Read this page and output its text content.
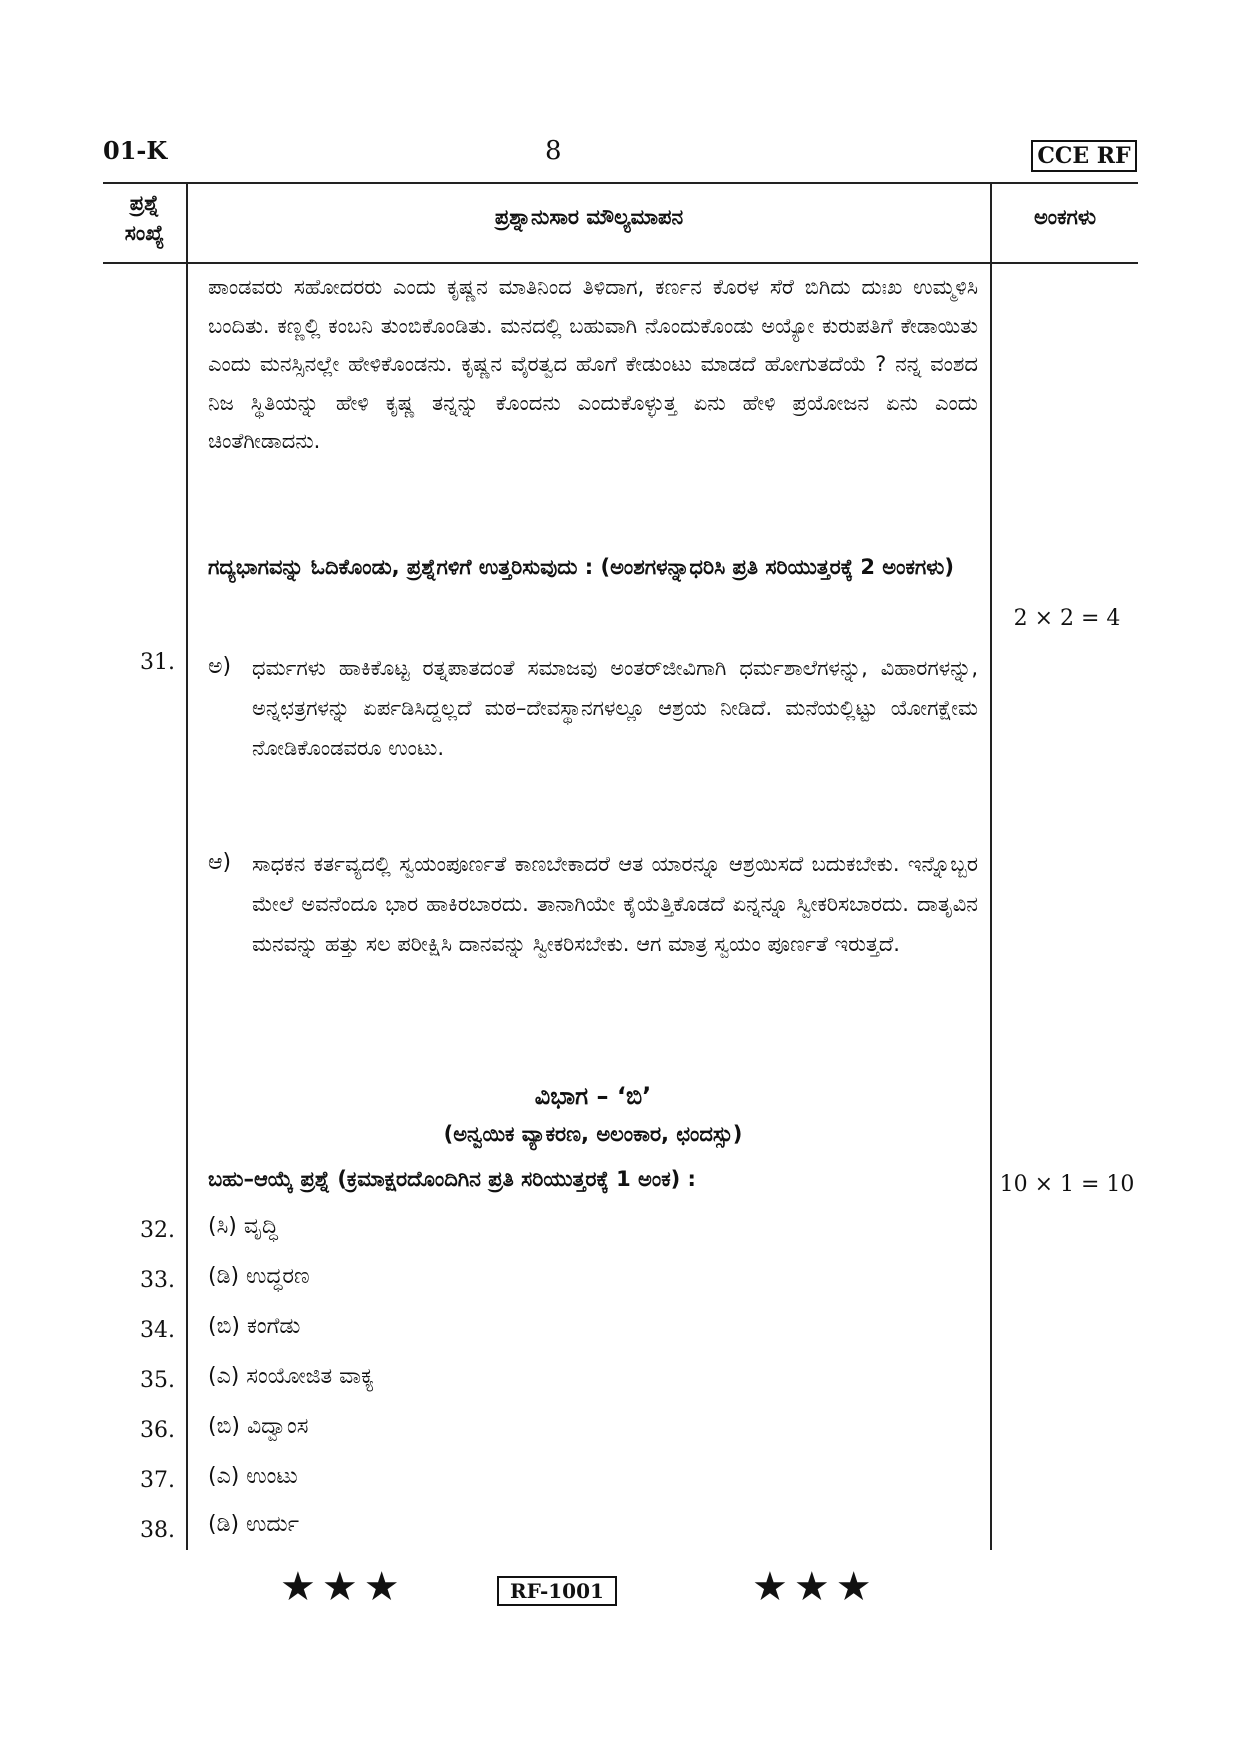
01-K	8	CCE RF
ಪ್ರಶ್ನೆ
ಸಂಖ್ಯೆ
ಪ್ರಶ್ನಾನುಸಾರ ಮೌಲ್ಯಮಾಪನ	ಅಂಕಗಳು
ಪಾಂಡವರು ಸಹೋದರರು ಎಂದು ಕೃಷ್ಣನ ಮಾತಿನಿಂದ ತಿಳಿದಾಗ, ಕರ್ಣನ ಕೊರಳ ಸೆರೆ ಬಿಗಿದು ದುಃಖ ಉಮ್ಮಳಿಸಿ ಬಂದಿತು. ಕಣ್ಣಲ್ಲಿ ಕಂಬನಿ ತುಂಬಿಕೊಂಡಿತು. ಮನದಲ್ಲಿ ಬಹುವಾಗಿ ನೊಂದುಕೊಂಡು ಅಯ್ಯೋ ಕುರುಪತಿಗೆ ಕೇಡಾಯಿತು ಎಂದು ಮನಸ್ಸಿನಲ್ಲೇ ಹೇಳಿಕೊಂಡನು. ಕೃಷ್ಣನ ವೈರತ್ವದ ಹೊಗೆ ಕೇಡುಂಟು ಮಾಡದೆ ಹೋಗುತದೆಯೆ ? ನನ್ನ ವಂಶದ ನಿಜ ಸ್ಥಿತಿಯನ್ನು ಹೇಳಿ ಕೃಷ್ಣ ತನ್ನನ್ನು ಕೊಂದನು ಎಂದುಕೊಳ್ಳುತ್ತ ಏನು ಹೇಳಿ ಪ್ರಯೋಜನ ಏನು ಎಂದು ಚಿಂತೆಗೀಡಾದನು.
ಗದ್ಯಭಾಗವನ್ನು ಓದಿಕೊಂಡು, ಪ್ರಶ್ನೆಗಳಿಗೆ ಉತ್ತರಿಸುವುದು : (ಅಂಶಗಳನ್ನಾಧರಿಸಿ ಪ್ರತಿ ಸರಿಯುತ್ತರಕ್ಕೆ 2 ಅಂಕಗಳು)
2 × 2 = 4
31. ಅ) ಧರ್ಮಗಳು ಹಾಕಿಕೊಟ್ಟ ರತ್ನಪಾತದಂತೆ ಸಮಾಜವು ಅಂತರ್‌ಜೀವಿಗಾಗಿ ಧರ್ಮಶಾಲೆಗಳನ್ನು, ವಿಹಾರಗಳನ್ನು, ಅನ್ನಛತ್ರಗಳನ್ನು ಏರ್ಪಡಿಸಿದ್ದಲ್ಲದೆ ಮಠ–ದೇವಸ್ಥಾನಗಳಲ್ಲೂ ಆಶ್ರಯ ನೀಡಿದೆ. ಮನೆಯಲ್ಲಿಟ್ಟು ಯೋಗಕ್ಷೇಮ ನೋಡಿಕೊಂಡವರೂ ಉಂಟು.
ಆ) ಸಾಧಕನ ಕರ್ತವ್ಯದಲ್ಲಿ ಸ್ವಯಂಪೂರ್ಣತೆ ಕಾಣಬೇಕಾದರೆ ಆತ ಯಾರನ್ನೂ ಆಶ್ರಯಿಸದೆ ಬದುಕಬೇಕು. ಇನ್ನೊಬ್ಬರ ಮೇಲೆ ಅವನೆಂದೂ ಭಾರ ಹಾಕಿರಬಾರದು. ತಾನಾಗಿಯೇ ಕೈಯೆತ್ತಿಕೊಡದೆ ಏನ್ನನ್ನೂ ಸ್ವೀಕರಿಸಬಾರದು. ದಾತೃವಿನ ಮನವನ್ನು ಹತ್ತು ಸಲ ಪರೀಕ್ಷಿಸಿ ದಾನವನ್ನು ಸ್ವೀಕರಿಸಬೇಕು. ಆಗ ಮಾತ್ರ ಸ್ವಯಂ ಪೂರ್ಣತೆ ಇರುತ್ತದೆ.
ವಿಭಾಗ – ‘ಬಿ’
(ಅನ್ವಯಿಕ ವ್ಯಾಕರಣ, ಅಲಂಕಾರ, ಛಂದಸ್ಸು)
ಬಹು–ಆಯ್ಕೆ ಪ್ರಶ್ನೆ (ಕ್ರಮಾಕ್ಷರದೊಂದಿಗಿನ ಪ್ರತಿ ಸರಿಯುತ್ತರಕ್ಕೆ 1 ಅಂಕ) :	10 × 1 = 10
32. (ಸಿ) ವೃದ್ಧಿ
33. (ಡಿ) ಉದ್ಧರಣ
34. (ಬಿ) ಕಂಗೆಡು
35. (ಎ) ಸಂಯೋಜಿತ ವಾಕ್ಯ
36. (ಬಿ) ವಿದ್ವಾಂಸ
37. (ಎ) ಉಂಟು
38. (ಡಿ) ಉರ್ದು
★★★	RF-1001	★★★
